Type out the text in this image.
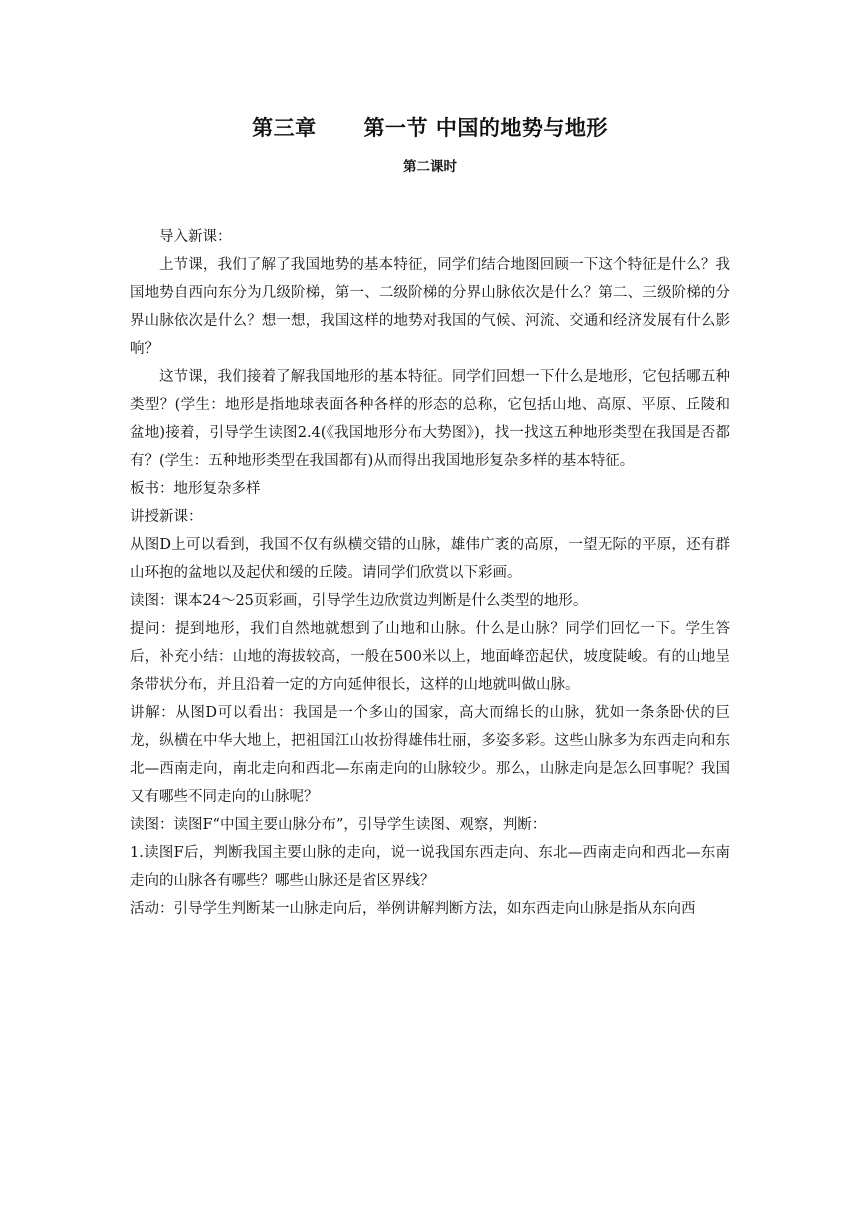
第三章      第一节 中国的地势与地形
第二课时

导入新课：

上节课，我们了解了我国地势的基本特征，同学们结合地图回顾一下这个特征是什么？我国地势自西向东分为几级阶梯，第一、二级阶梯的分界山脉依次是什么？第二、三级阶梯的分界山脉依次是什么？想一想，我国这样的地势对我国的气候、河流、交通和经济发展有什么影响？

这节课，我们接着了解我国地形的基本特征。同学们回想一下什么是地形，它包括哪五种类型？(学生：地形是指地球表面各种各样的形态的总称，它包括山地、高原、平原、丘陵和盆地)接着，引导学生读图2.4(《我国地形分布大势图》)，找一找这五种地形类型在我国是否都有？(学生：五种地形类型在我国都有)从而得出我国地形复杂多样的基本特征。

板书：地形复杂多样

讲授新课：

从图D上可以看到，我国不仅有纵横交错的山脉，雄伟广袤的高原，一望无际的平原，还有群山环抱的盆地以及起伏和缓的丘陵。请同学们欣赏以下彩画。

读图：课本24～25页彩画，引导学生边欣赏边判断是什么类型的地形。

提问：提到地形，我们自然地就想到了山地和山脉。什么是山脉？同学们回忆一下。学生答后，补充小结：山地的海拔较高，一般在500米以上，地面峰峦起伏，坡度陡峻。有的山地呈条带状分布，并且沿着一定的方向延伸很长，这样的山地就叫做山脉。

讲解：从图D可以看出：我国是一个多山的国家，高大而绵长的山脉，犹如一条条卧伏的巨龙，纵横在中华大地上，把祖国江山妆扮得雄伟壮丽，多姿多彩。这些山脉多为东西走向和东北—西南走向，南北走向和西北—东南走向的山脉较少。那么，山脉走向是怎么回事呢？我国又有哪些不同走向的山脉呢？

读图：读图F“中国主要山脉分布”，引导学生读图、观察，判断：

1.读图F后，判断我国主要山脉的走向，说一说我国东西走向、东北—西南走向和西北—东南走向的山脉各有哪些？哪些山脉还是省区界线？

活动：引导学生判断某一山脉走向后，举例讲解判断方法，如东西走向山脉是指从东向西
